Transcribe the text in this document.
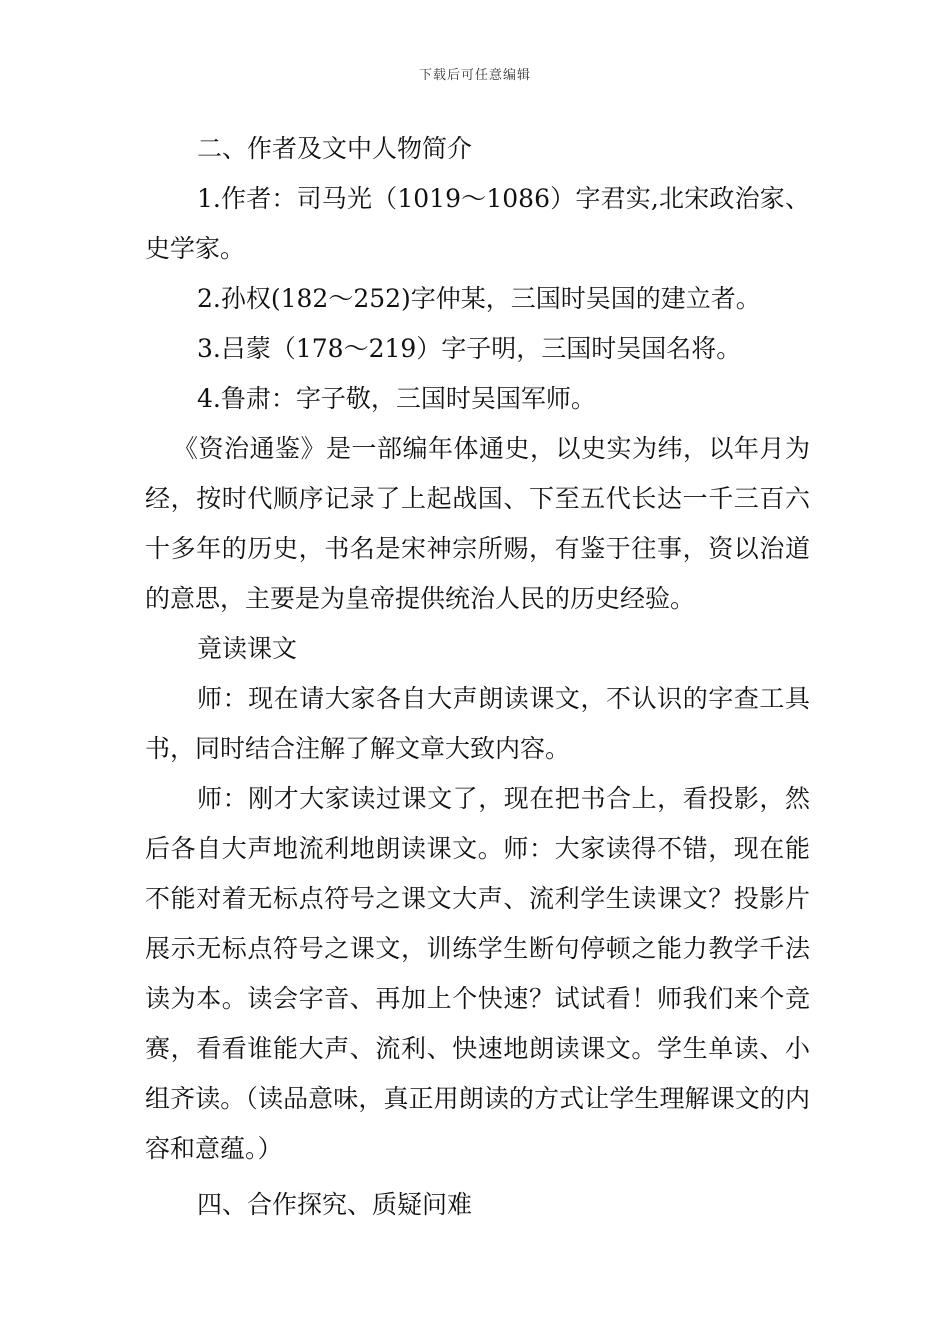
下载后可任意编辑

二、作者及文中人物简介

1.作者：司马光（1019～1086）字君实,北宋政治家、史学家。

2.孙权(182～252)字仲某，三国时吴国的建立者。

3.吕蒙（178～219）字子明，三国时吴国名将。

4.鲁肃：字子敬，三国时吴国军师。

《资治通鉴》是一部编年体通史，以史实为纬，以年月为经，按时代顺序记录了上起战国、下至五代长达一千三百六十多年的历史，书名是宋神宗所赐，有鉴于往事，资以治道的意思，主要是为皇帝提供统治人民的历史经验。

竟读课文

师：现在请大家各自大声朗读课文，不认识的字查工具书，同时结合注解了解文章大致内容。

师：刚才大家读过课文了，现在把书合上，看投影，然后各自大声地流利地朗读课文。师：大家读得不错，现在能不能对着无标点符号之课文大声、流利学生读课文？投影片展示无标点符号之课文，训练学生断句停顿之能力教学千法读为本。读会字音、再加上个快速？试试看！师我们来个竞赛，看看谁能大声、流利、快速地朗读课文。学生单读、小组齐读。（读品意味，真正用朗读的方式让学生理解课文的内容和意蕴。）

四、合作探究、质疑问难
